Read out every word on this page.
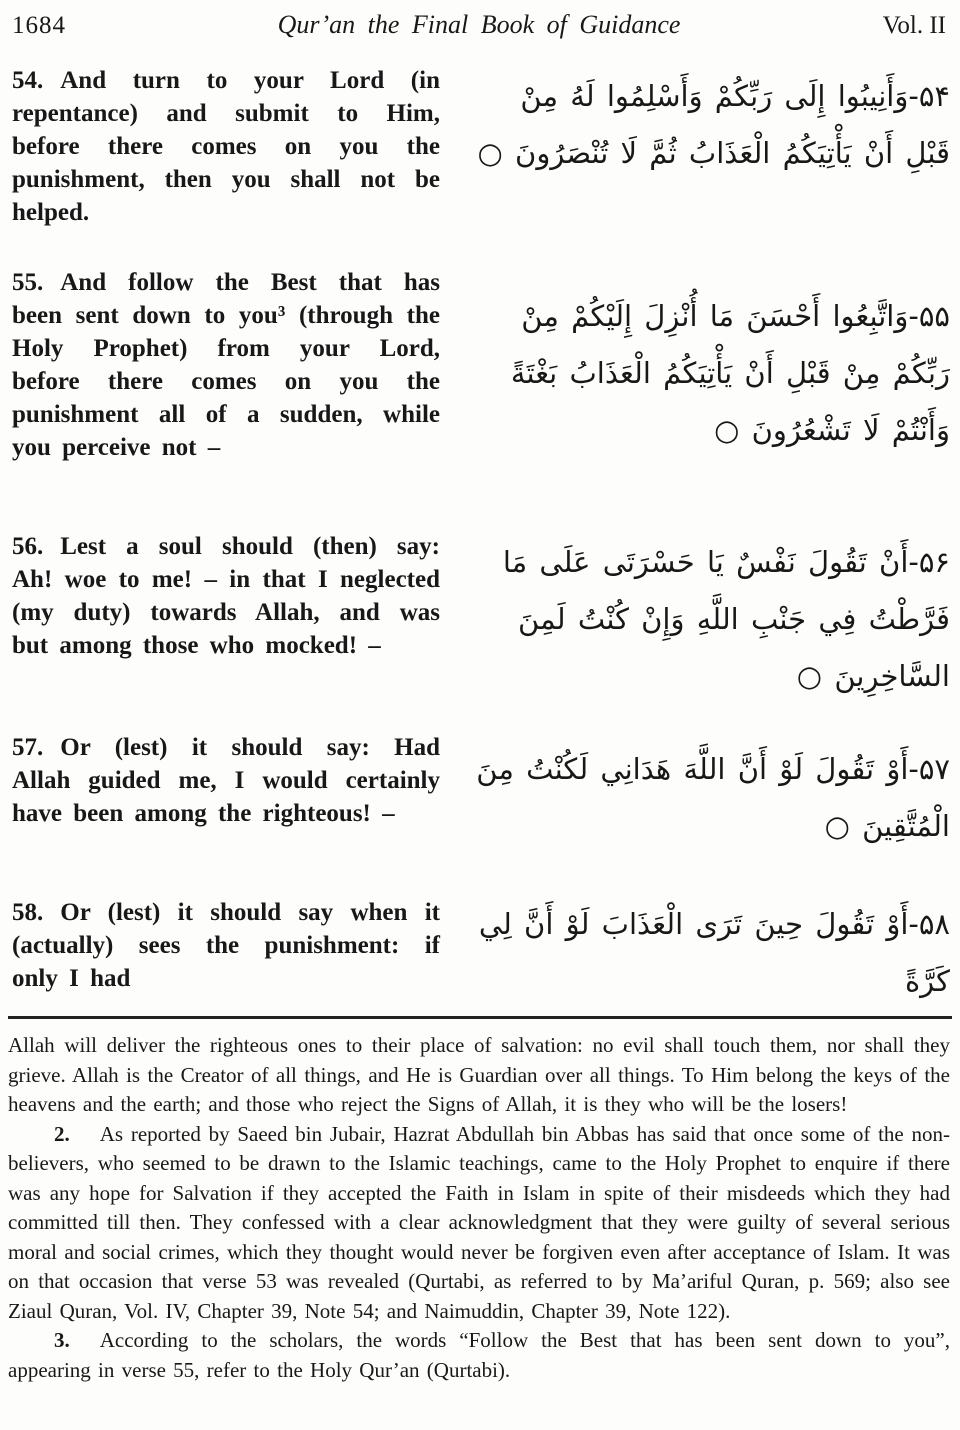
1684	Qur’an the Final Book of Guidance	Vol. II

54. And turn to your Lord (in repentance) and submit to Him, before there comes on you the punishment, then you shall not be helped.

۵۴-وَأَنِيبُوا إِلَى رَبِّكُمْ وَأَسْلِمُوا لَهُ مِنْ قَبْلِ أَنْ يَأْتِيَكُمُ الْعَذَابُ ثُمَّ لَا تُنْصَرُونَ ○

55. And follow the Best that has been sent down to you³ (through the Holy Prophet) from your Lord, before there comes on you the punishment all of a sudden, while you perceive not –

۵۵-وَاتَّبِعُوا أَحْسَنَ مَا أُنْزِلَ إِلَيْكُمْ مِنْ رَبِّكُمْ مِنْ قَبْلِ أَنْ يَأْتِيَكُمُ الْعَذَابُ بَغْتَةً وَأَنْتُمْ لَا تَشْعُرُونَ ○

56. Lest a soul should (then) say: Ah! woe to me! – in that I neglected (my duty) towards Allah, and was but among those who mocked! –

۵۶-أَنْ تَقُولَ نَفْسٌ يَا حَسْرَتَى عَلَى مَا فَرَّطْتُ فِي جَنْبِ اللَّهِ وَإِنْ كُنْتُ لَمِنَ السَّاخِرِينَ ○

57. Or (lest) it should say: Had Allah guided me, I would certainly have been among the righteous! –

۵۷-أَوْ تَقُولَ لَوْ أَنَّ اللَّهَ هَدَانِي لَكُنْتُ مِنَ الْمُتَّقِينَ ○

58. Or (lest) it should say when it (actually) sees the punishment: if only I had

۵۸-أَوْ تَقُولَ حِينَ تَرَى الْعَذَابَ لَوْ أَنَّ لِي كَرَّةً

Allah will deliver the righteous ones to their place of salvation: no evil shall touch them, nor shall they grieve. Allah is the Creator of all things, and He is Guardian over all things. To Him belong the keys of the heavens and the earth; and those who reject the Signs of Allah, it is they who will be the losers!

2. As reported by Saeed bin Jubair, Hazrat Abdullah bin Abbas has said that once some of the non-believers, who seemed to be drawn to the Islamic teachings, came to the Holy Prophet to enquire if there was any hope for Salvation if they accepted the Faith in Islam in spite of their misdeeds which they had committed till then. They confessed with a clear acknowledgment that they were guilty of several serious moral and social crimes, which they thought would never be forgiven even after acceptance of Islam. It was on that occasion that verse 53 was revealed (Qurtabi, as referred to by Ma’ariful Quran, p. 569; also see Ziaul Quran, Vol. IV, Chapter 39, Note 54; and Naimuddin, Chapter 39, Note 122).

3. According to the scholars, the words “Follow the Best that has been sent down to you”, appearing in verse 55, refer to the Holy Qur’an (Qurtabi).
